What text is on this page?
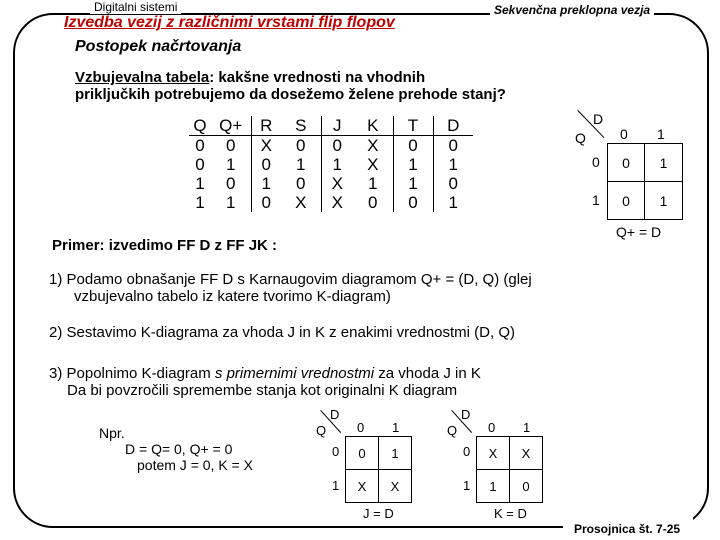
Digitalni sistemi	Sekvenčna preklopna vezja
Izvedba vezij z različnimi vrstami flip flopov
Postopek načrtovanja
Vzbujevalna tabela: kakšne vrednosti na vhodnih
priključkih potrebujemo da dosežemo želene prehode stanj?
Q	Q+	R	S	J	K	T	D
0	0	X	0	0	X	0	0
0	1	0	1	1	X	1	1
1	0	1	0	X	1	1	0
1	1	0	X	X	0	0	1
D
Q 0 1
0
1
0	1
0	1
Q+ = D
Primer: izvedimo FF D z FF JK :
1) Podamo obnašanje FF D s Karnaugovim diagramom Q+ = (D, Q) (glej
vzbujevalno tabelo iz katere tvorimo K-diagram)
2) Sestavimo K-diagrama za vhoda J in K z enakimi vrednostmi (D, Q)
3) Popolnimo K-diagram s primernimi vrednostmi za vhoda J in K
Da bi povzročili spremembe stanja kot originalni K diagram
Npr.
D = Q= 0, Q+ = 0
potem J = 0, K = X
D
Q 0 1
0
1
0	1
X	X
J = D
D
Q 0 1
0
1
X	X
1	0
K = D
Prosojnica št. 7-25
